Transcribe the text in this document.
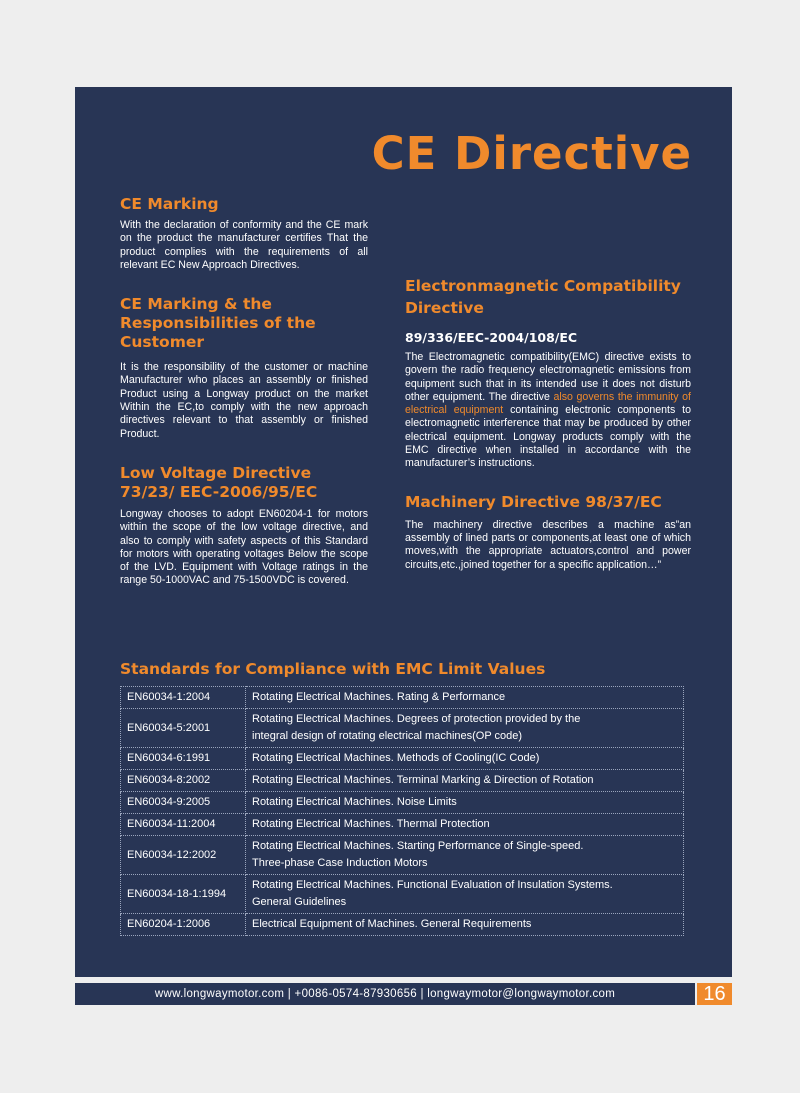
CE Directive
CE Marking

With the declaration of conformity and the CE mark on the product the manufacturer certifies That the product complies with the requirements of all relevant EC New Approach Directives.

CE Marking & the Responsibilities of the Customer

It is the responsibility of the customer or machine Manufacturer who places an assembly or finished Product using a Longway product on the market Within the EC,to comply with the new approach directives relevant to that assembly or finished Product.

Low Voltage Directive 73/23/ EEC-2006/95/EC

Longway chooses to adopt EN60204-1 for motors within the scope of the low voltage directive, and also to comply with safety aspects of this Standard for motors with operating voltages Below the scope of the LVD. Equipment with Voltage ratings in the range 50-1000VAC and 75-1500VDC is covered.

Electronmagnetic Compatibility Directive

89/336/EEC-2004/108/EC

The Electromagnetic compatibility(EMC) directive exists to govern the radio frequency electromagnetic emissions from equipment such that in its intended use it does not disturb other equipment. The directive also governs the immunity of electrical equipment containing electronic components to electromagnetic interference that may be produced by other electrical equipment. Longway products comply with the EMC directive when installed in accordance with the manufacturer’s instructions.

Machinery Directive 98/37/EC

The machinery directive describes a machine as”an assembly of lined parts or components,at least one of which moves,with the appropriate actuators,control and power circuits,etc.,joined together for a specific application…”

Standards for Compliance with EMC Limit Values
EN60034-1:2004	Rotating Electrical Machines. Rating & Performance

EN60034-5:2001	Rotating Electrical Machines. Degrees of protection provided by the
integral design of rotating electrical machines(OP code)

EN60034-6:1991	Rotating Electrical Machines. Methods of Cooling(IC Code)

EN60034-8:2002	Rotating Electrical Machines. Terminal Marking & Direction of Rotation

EN60034-9:2005	Rotating Electrical Machines. Noise Limits

EN60034-11:2004	Rotating Electrical Machines. Thermal Protection

EN60034-12:2002	Rotating Electrical Machines. Starting Performance of Single-speed.
Three-phase Case Induction Motors

EN60034-18-1:1994	Rotating Electrical Machines. Functional Evaluation of Insulation Systems.
General Guidelines

EN60204-1:2006	Electrical Equipment of Machines. General Requirements
www.longwaymotor.com | +0086-0574-87930656 | longwaymotor@longwaymotor.com	16
